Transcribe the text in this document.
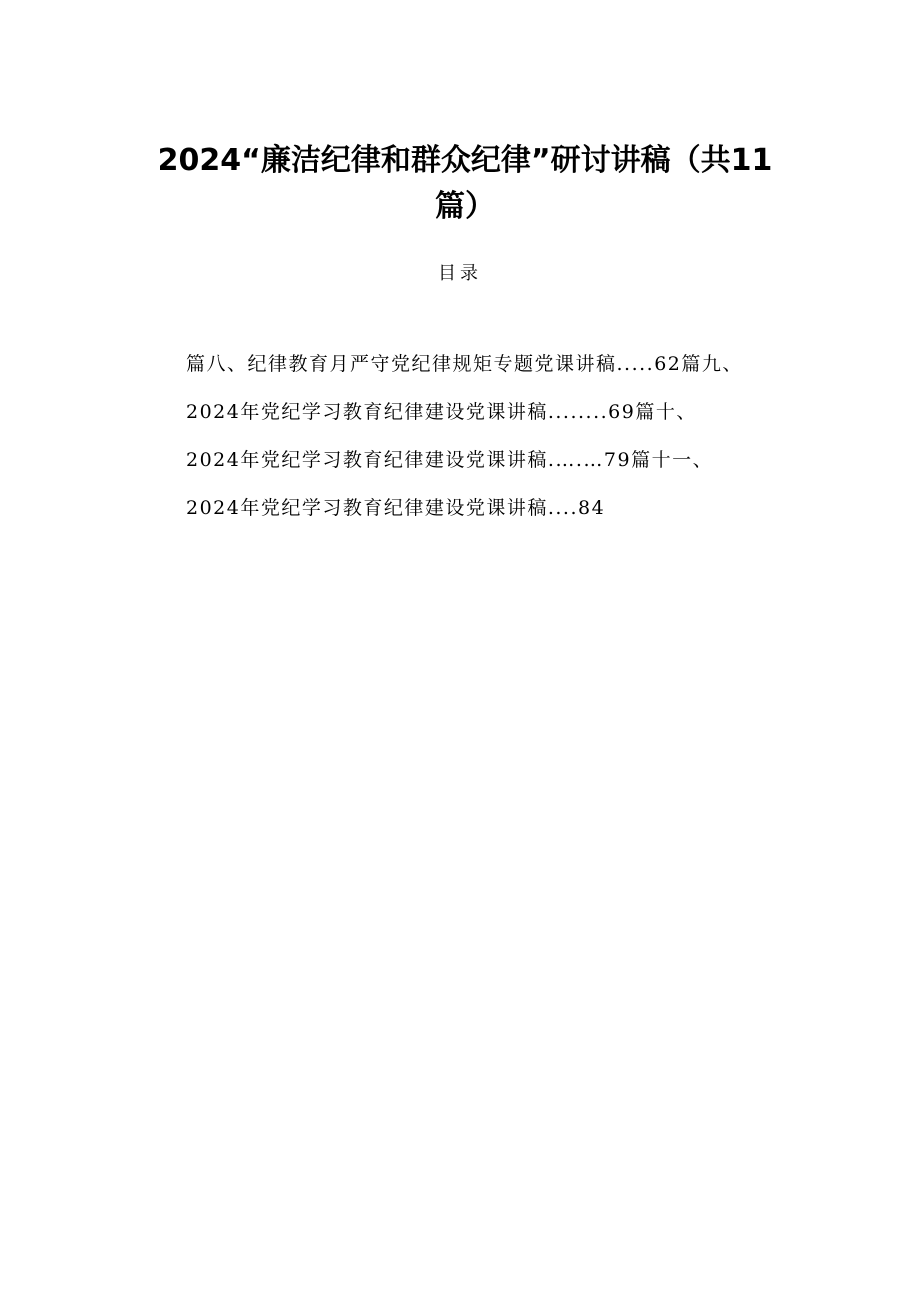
2024“廉洁纪律和群众纪律”研讨讲稿（共11
篇）
目录
篇八、纪律教育月严守党纪律规矩专题党课讲稿.....62篇九、
2024年党纪学习教育纪律建设党课讲稿........69篇十、
2024年党纪学习教育纪律建设党课讲稿.….…79篇十一、
2024年党纪学习教育纪律建设党课讲稿....84
